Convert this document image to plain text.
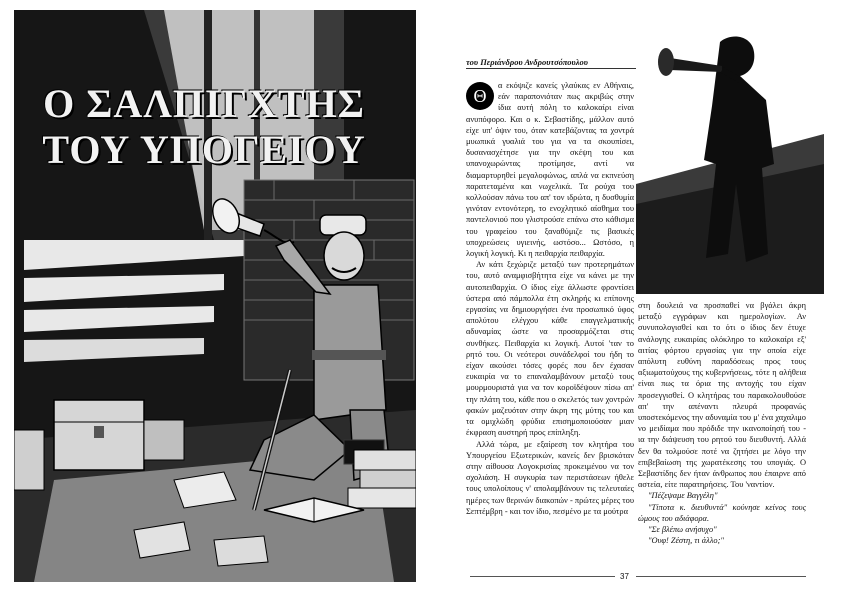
Ο ΣΑΛΠΙΓΧΤΗΣ
ΤΟΥ ΥΠΟΓΕΙΟΥ
του Περιάνδρου Ανδρουτσόπουλου

Θ
α εκόψιζε κανείς γλαύκας εν Αθήναις, εάν παραπονιόταν πως ακριβώς στην ίδια αυτή πόλη το καλοκαίρι είναι ανυπόφορο. Και ο κ. Σεβαστίδης, μάλλον αυτό είχε υπ' όψιν του, όταν κατεβάζοντας τα χοντρά μυωπικά γυαλιά του για να τα σκουπίσει, δυσανασχέτησε για την σκέψη του και υπανοχωρώντας προτίμησε, αντί να διαμαρτυρηθεί μεγαλοφώνως, απλά να εκπνεύση παρατεταμένα και νωχελικά. Τα ρούχα του κολλούσαν πάνω του απ' τον ιδρώτα, η δυσθυμία γινόταν εντονότερη, το ενοχλητικό αίσθημα του παντελονιού που γλιστρούσε επάνω στο κάθισμα του γραφείου του ξαναθύμιζε τις βασικές υποχρεώσεις υγιεινής, ωστόσο... Ωστόσο, η λογική λογική. Κι η πειθαρχία πειθαρχία.

Αν κάτι ξεχώριζε μεταξύ των προτερημάτων του, αυτό αναμφισβήτητα είχε να κάνει με την αυτοπειθαρχία. Ο ίδιος είχε άλλωστε φροντίσει ύστερα από πάμπολλα έτη σκληρής κι επίπονης εργασίας να δημιουργήσει ένα προσωπικό ύφος απολύτου ελέγχου κάθε επαγγελματικής αδυναμίας ώστε να προσαρμόζεται στις συνθήκες. Πειθαρχία κι λογική. Αυτοί 'ταν το ρητό του. Οι νεότεροι συνάδελφοί του ήδη το είχαν ακούσει τόσες φορές που δεν έχασαν ευκαιρία να το επαναλαμβάνουν μεταξύ τους μουρμουριστά για να τον κοροϊδέψουν πίσω απ' την πλάτη του, κάθε που ο σκελετός των χοντρών φακών μαζευόταν στην άκρη της μύτης του και τα ομιχλώδη φρύδια επισημοποιούσαν μιαν έκφραση αυστηρή προς επίπληξη.

Αλλά τώρα, με εξαίρεση τον κλητήρα του Υπουργείου Εξωτερικών, κανείς δεν βρισκόταν στην αίθουσα Λογοκρισίας προκειμένου να τον σχολιάση. Η συγκυρία των περιστάσεων ήθελε τους υπολοίπους ν' απολαμβάνουν τις τελευταίες ημέρες των θερινών διακοπών - πρώτες μέρες του Σεπτέμβρη - και τον ίδιο, πεσμένο με τα μούτρα

στη δουλειά να προσπαθεί να βγάλει άκρη μεταξύ εγγράφων και ημερολογίων. Αν συνυπολογισθεί και το ότι ο ίδιος δεν έτυχε ανάλογης ευκαιρίας ολόκληρο το καλοκαίρι εξ' αιτίας φόρτου εργασίας για την οποία είχε απόλυτη ευθύνη παραδόσεως προς τους αξιωματούχους της κυβερνήσεως, τότε η αλήθεια είναι πως τα όρια της αντοχής του είχαν προσεγγισθεί. Ο κλητήρας του παρακολουθούσε απ' την απέναντι πλευρά προφανώς υποστεκόμενος την αδυναμία του μ' ένα χαχαλιμο νο μειδίαμα που πρόδιδε την ικανοποίησή του - ια την διάψευση του ρητού του διευθυντή. Αλλά δεν θα τολμούσε ποτέ να ζητήσει με λόγο την επιβεβαίωση της χωρατέκεσης του υπογιάς. Ο Σεβαστίδης δεν ήταν άνθρωπος που έπαιρνε από αστεία, είτε παρατηρήσεις. Του 'ναντίον.

"Πέζεψαμε Βαγγέλη"

"Τίποτα κ. διευθυντά" κούνησε κείνος τους ώμους του αδιάφορα.

"Σε βλέπω ανήσυχο"

"Ουφ! Ζέστη, τι άλλο;"

37
